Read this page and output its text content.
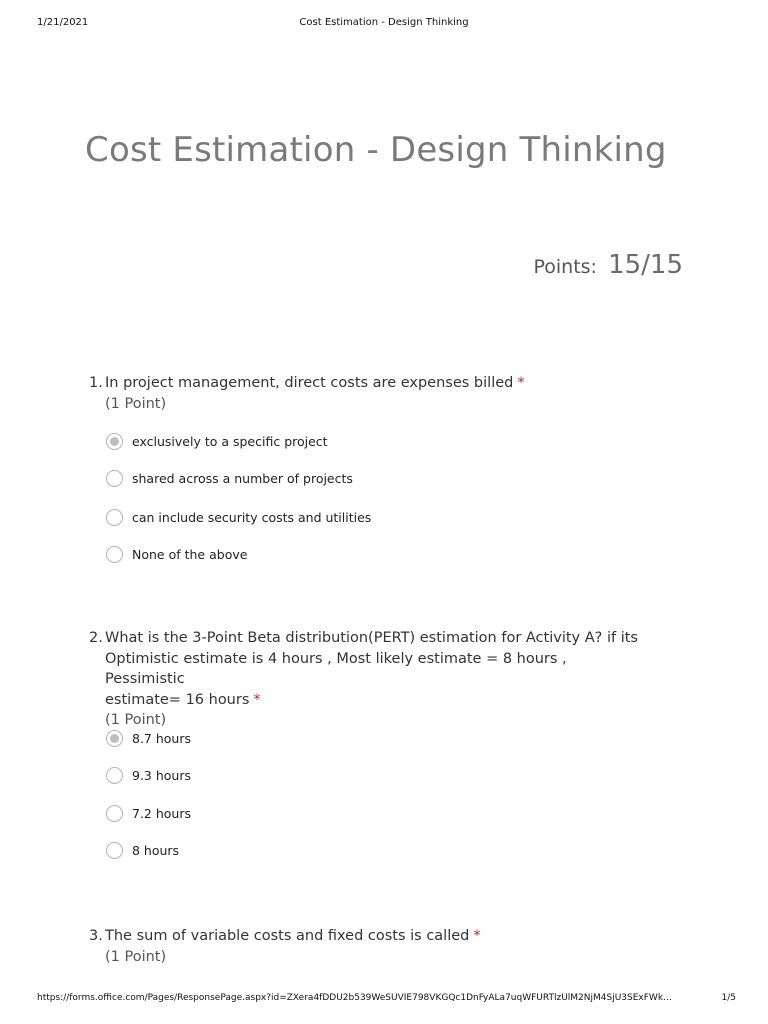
1/21/2021	Cost Estimation - Design Thinking
Cost Estimation - Design Thinking
Points: 15/15
1. In project management, direct costs are expenses billed *
(1 Point)
exclusively to a specific project
shared across a number of projects
can include security costs and utilities
None of the above
2. What is the 3-Point Beta distribution(PERT) estimation for Activity A? if its
Optimistic estimate is 4 hours , Most likely estimate = 8 hours , Pessimistic
estimate= 16 hours *
(1 Point)
8.7 hours
9.3 hours
7.2 hours
8 hours
3. The sum of variable costs and fixed costs is called *
(1 Point)
https://forms.office.com/Pages/ResponsePage.aspx?id=ZXera4fDDU2b539WeSUVIE798VKGQc1DnFyALa7uqWFURTlzUlM2NjM4SjU3SExFWk…	1/5
